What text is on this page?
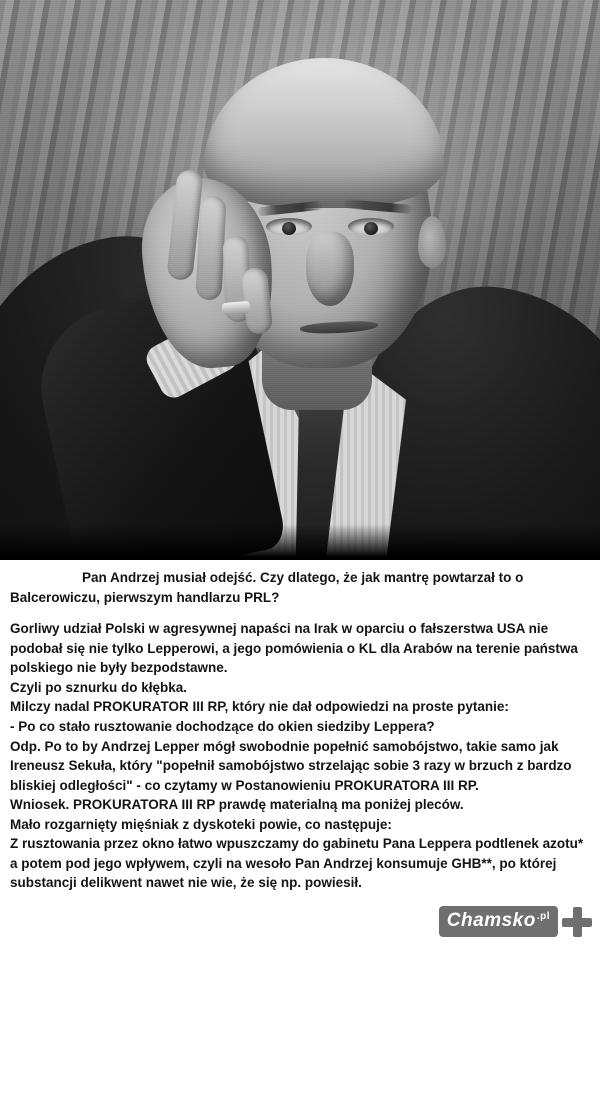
Pan Andrzej musiał odejść. Czy dlatego, że jak mantrę powtarzał to o Balcerowiczu, pierwszym handlarzu PRL?

Gorliwy udział Polski w agresywnej napaści na Irak w oparciu o fałszerstwa USA nie podobał się nie tylko Lepperowi, a jego pomówienia o KL dla Arabów na terenie państwa polskiego nie były bezpodstawne.

Czyli po sznurku do kłębka.

Milczy nadal PROKURATOR III RP, który nie dał odpowiedzi na proste pytanie:

- Po co stało rusztowanie dochodzące do okien siedziby Leppera?

Odp. Po to by Andrzej Lepper mógł swobodnie popełnić samobójstwo, takie samo jak Ireneusz Sekuła, który "popełnił samobójstwo strzelając sobie 3 razy w brzuch z bardzo bliskiej odległości" - co czytamy w Postanowieniu PROKURATORA III RP.

Wniosek. PROKURATORA III RP prawdę materialną ma poniżej pleców.

Mało rozgarnięty mięśniak z dyskoteki powie, co następuje:

Z rusztowania przez okno łatwo wpuszczamy do gabinetu Pana Leppera podtlenek azotu* a potem pod jego wpływem, czyli na wesoło Pan Andrzej konsumuje GHB**, po której substancji delikwent nawet nie wie, że się np. powiesił.

Chamsko$^{.pl}$
